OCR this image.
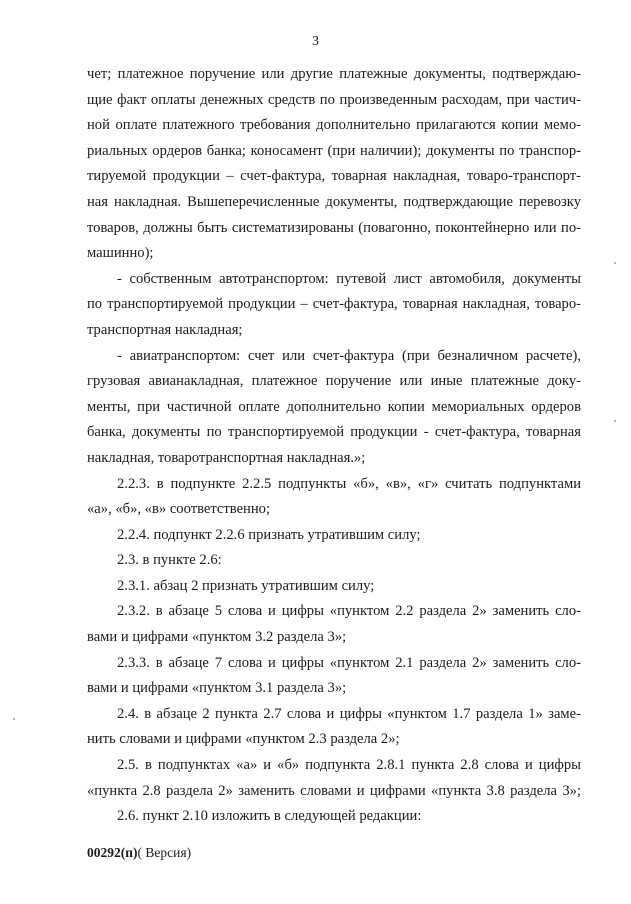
3
чет; платежное поручение или другие платежные документы, подтверждаю-
щие факт оплаты денежных средств по произведенным расходам, при частич-
ной оплате платежного требования дополнительно прилагаются копии мемо-
риальных ордеров банка; коносамент (при наличии); документы по транспор-
тируемой продукции – счет-фактура, товарная накладная, товаро-транспорт-
ная накладная. Вышеперечисленные документы, подтверждающие перевозку
товаров, должны быть систематизированы (повагонно, поконтейнерно или по-
машинно);
- собственным автотранспортом: путевой лист автомобиля, документы
по транспортируемой продукции – счет-фактура, товарная накладная, товаро-
транспортная накладная;
- авиатранспортом: счет или счет-фактура (при безналичном расчете),
грузовая авианакладная, платежное поручение или иные платежные доку-
менты, при частичной оплате дополнительно копии мемориальных ордеров
банка, документы по транспортируемой продукции - счет-фактура, товарная
накладная, товаротранспортная накладная.»;
2.2.3. в подпункте 2.2.5 подпункты «б», «в», «г» считать подпунктами
«а», «б», «в» соответственно;
2.2.4. подпункт 2.2.6 признать утратившим силу;
2.3. в пункте 2.6:
2.3.1. абзац 2 признать утратившим силу;
2.3.2. в абзаце 5 слова и цифры «пунктом 2.2 раздела 2» заменить сло-
вами и цифрами «пунктом 3.2 раздела 3»;
2.3.3. в абзаце 7 слова и цифры «пунктом 2.1 раздела 2» заменить сло-
вами и цифрами «пунктом 3.1 раздела 3»;
2.4. в абзаце 2 пункта 2.7 слова и цифры «пунктом 1.7 раздела 1» заме-
нить словами и цифрами «пунктом 2.3 раздела 2»;
2.5. в подпунктах «а» и «б» подпункта 2.8.1 пункта 2.8 слова и цифры
«пункта 2.8 раздела 2» заменить словами и цифрами «пункта 3.8 раздела 3»;
2.6. пункт 2.10 изложить в следующей редакции:
00292(п)( Версия)
